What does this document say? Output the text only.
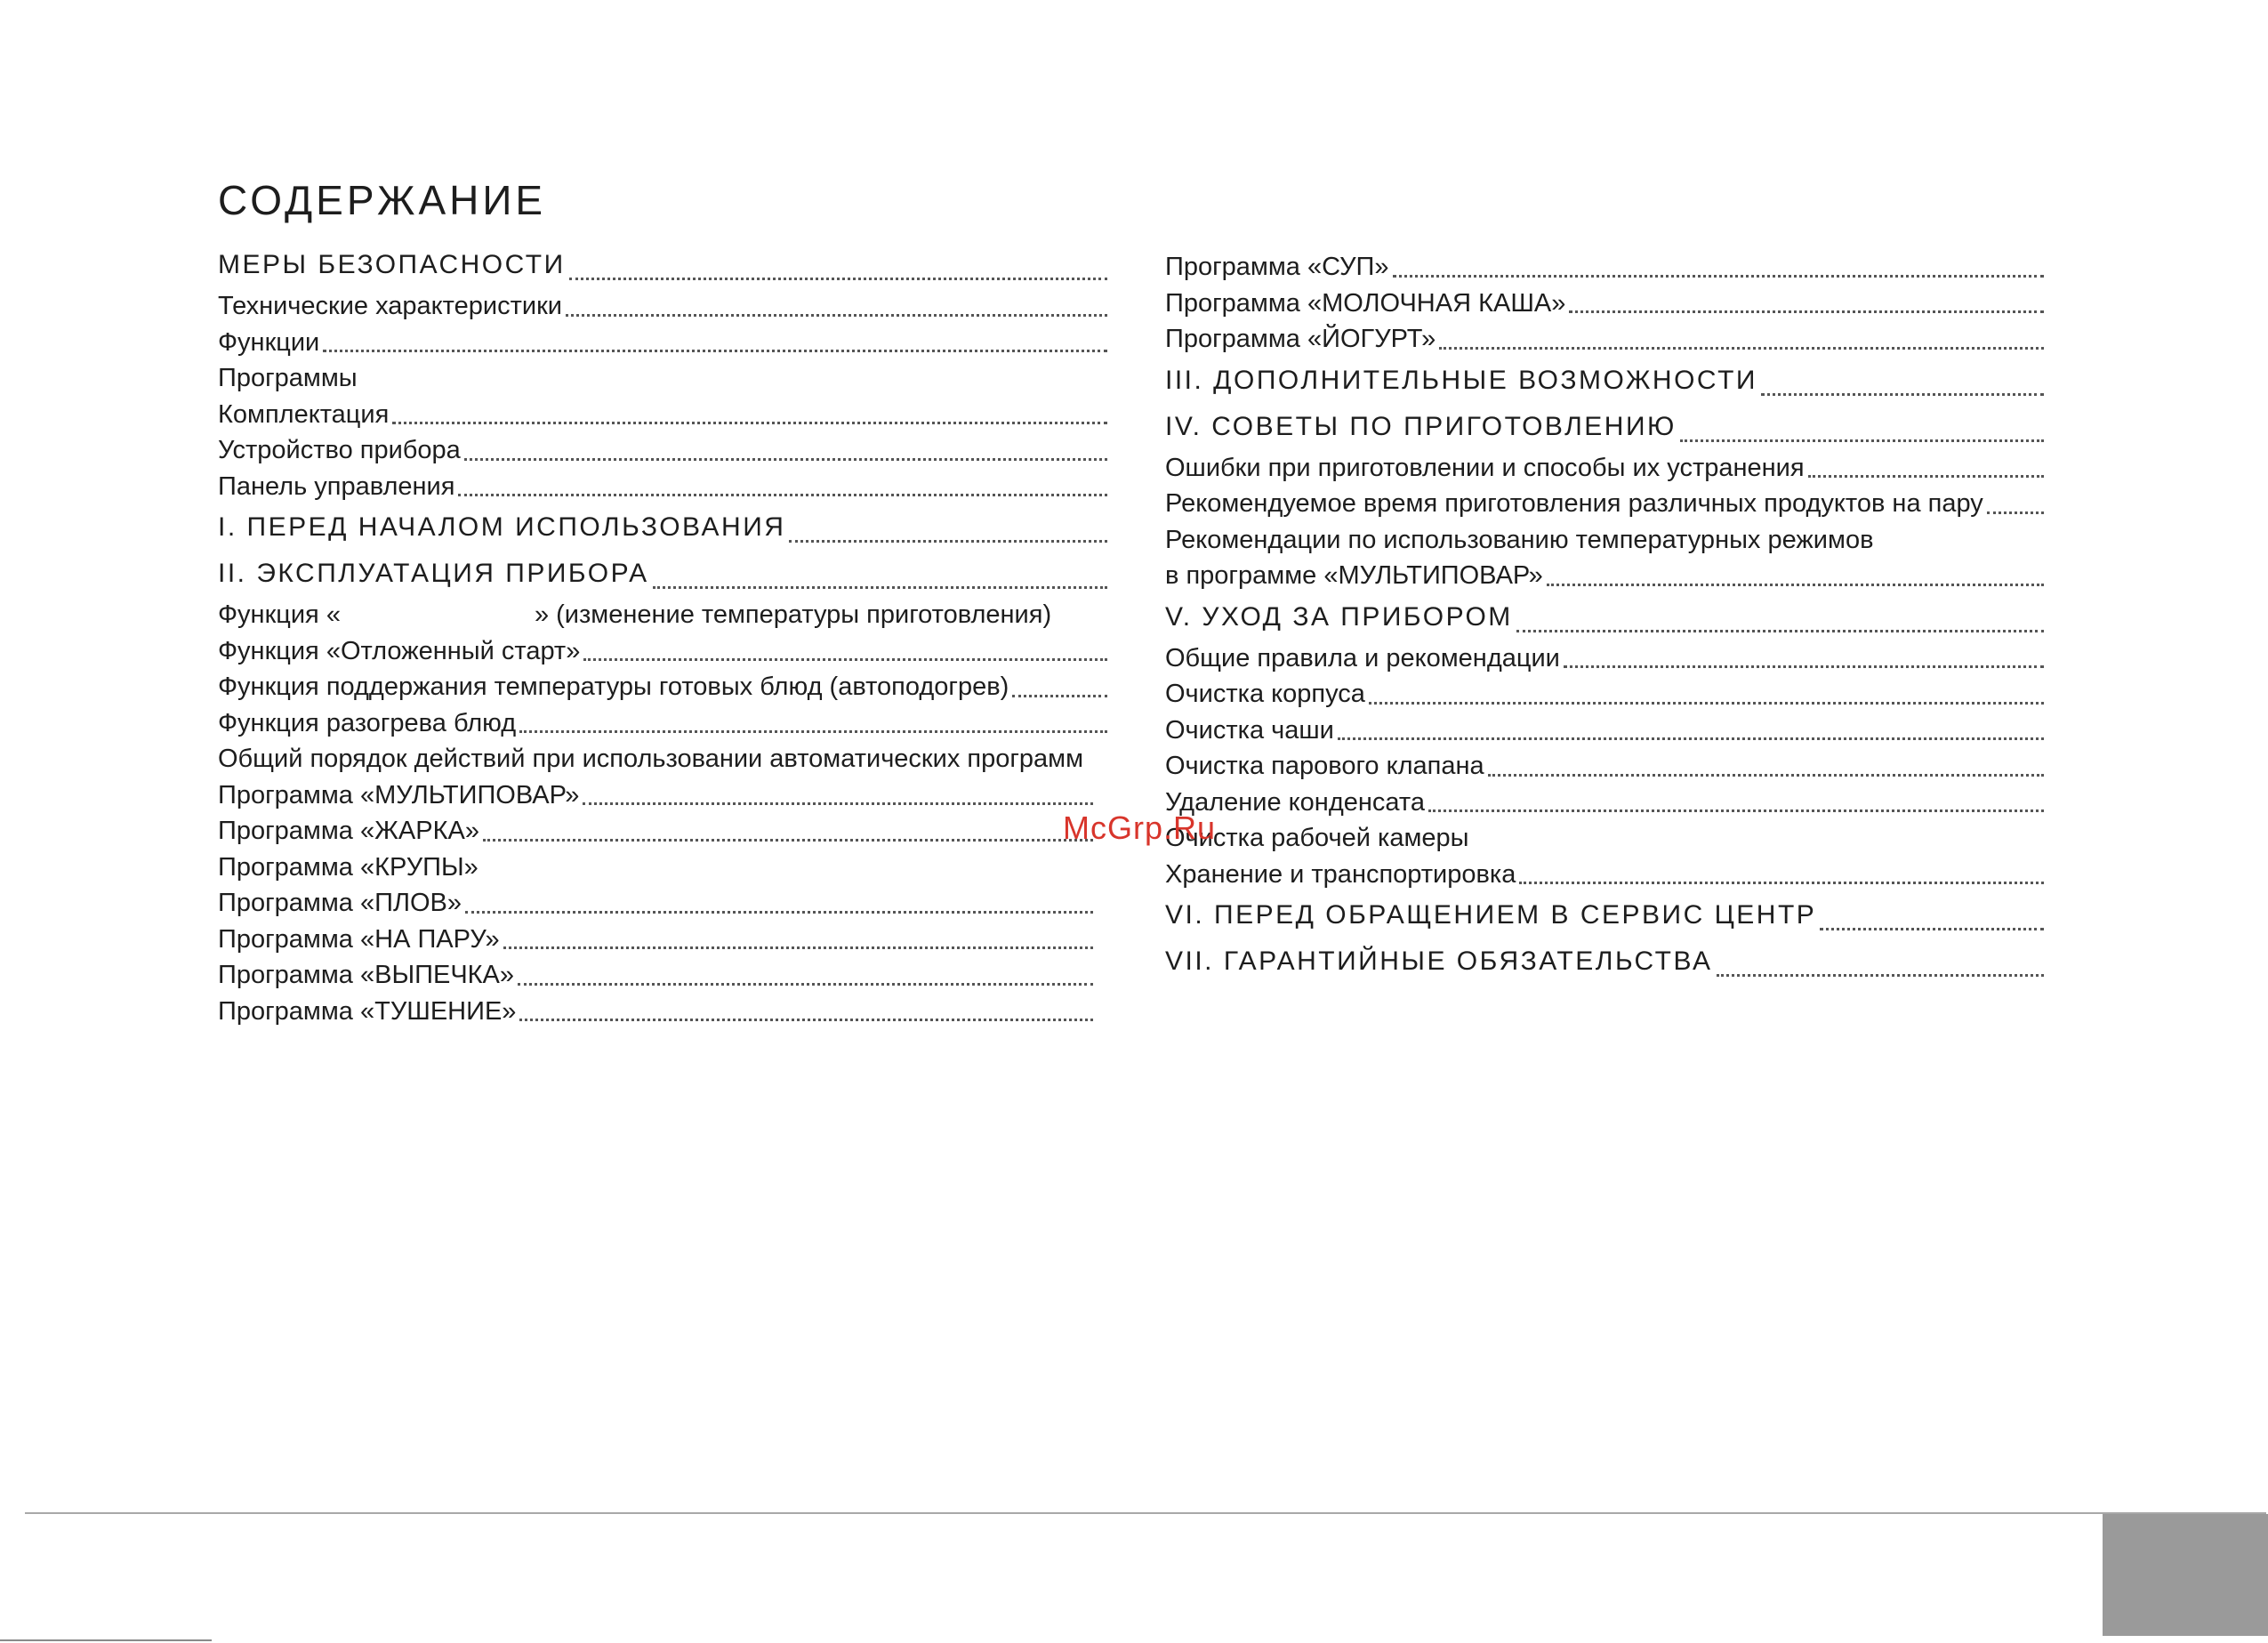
СОДЕРЖАНИЕ
МЕРЫ БЕЗОПАСНОСТИ
Технические характеристики
Функции
Программы
Комплектация
Устройство прибора
Панель управления
I. ПЕРЕД НАЧАЛОМ ИСПОЛЬЗОВАНИЯ
II. ЭКСПЛУАТАЦИЯ ПРИБОРА
Функция «	» (изменение температуры приготовления)
Функция «Отложенный старт»
Функция поддержания температуры готовых блюд (автоподогрев)
Функция разогрева блюд
Общий порядок действий при использовании автоматических программ
Программа «МУЛЬТИПОВАР»
Программа «ЖАРКА»
Программа «КРУПЫ»
Программа «ПЛОВ»
Программа «НА ПАРУ»
Программа «ВЫПЕЧКА»
Программа «ТУШЕНИЕ»
Программа «СУП»
Программа «МОЛОЧНАЯ КАША»
Программа «ЙОГУРТ»
III. ДОПОЛНИТЕЛЬНЫЕ ВОЗМОЖНОСТИ
IV. СОВЕТЫ ПО ПРИГОТОВЛЕНИЮ
Ошибки при приготовлении и способы их устранения
Рекомендуемое время приготовления различных продуктов на пару
Рекомендации по использованию температурных режимов
в программе «МУЛЬТИПОВАР»
V. УХОД ЗА ПРИБОРОМ
Общие правила и рекомендации
Очистка корпуса
Очистка чаши
Очистка парового клапана
Удаление конденсата
Очистка рабочей камеры
Хранение и транспортировка
VI. ПЕРЕД ОБРАЩЕНИЕМ В СЕРВИС ЦЕНТР
VII. ГАРАНТИЙНЫЕ ОБЯЗАТЕЛЬСТВА
McGrp.Ru
